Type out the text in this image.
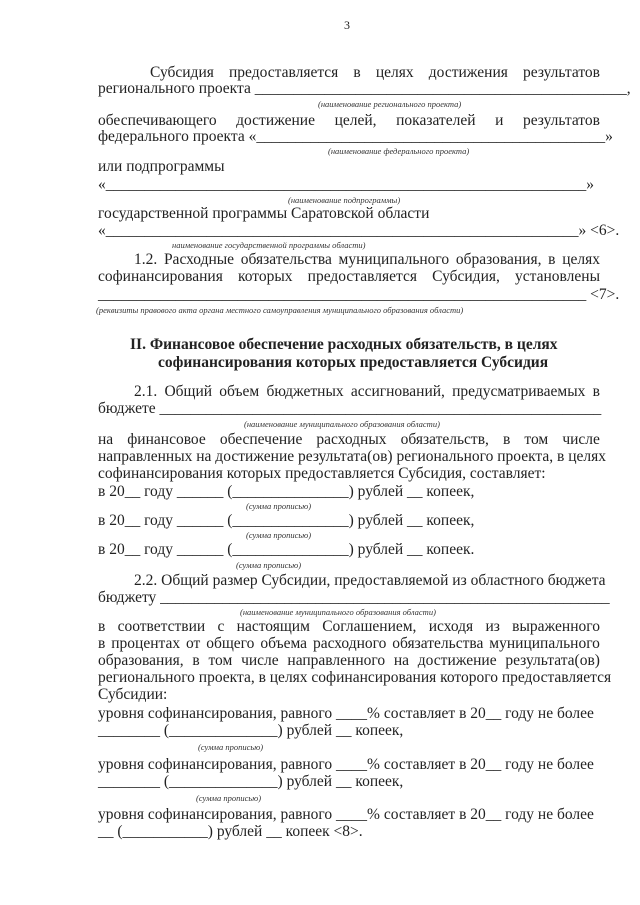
3
Субсидия предоставляется в целях достижения результатов
регионального проекта ________________________________________________,
(наименование регионального проекта)
обеспечивающего достижение целей, показателей и результатов
федерального проекта «_____________________________________________»
(наименование федерального проекта)
или подпрограммы
«______________________________________________________________»
(наименование подпрограммы)
государственной программы Саратовской области
«_____________________________________________________________» <6>.
наименование государственной программы области)
1.2. Расходные обязательства муниципального образования, в целях
софинансирования которых предоставляется Субсидия, установлены
_______________________________________________________________ <7>.
(реквизиты правового акта органа местного самоуправления муниципального образования области)
II. Финансовое обеспечение расходных обязательств, в целях
софинансирования которых предоставляется Субсидия
2.1. Общий объем бюджетных ассигнований, предусматриваемых в
бюджете _________________________________________________________
(наименование муниципального образования области)
на финансовое обеспечение расходных обязательств, в том числе
направленных на достижение результата(ов) регионального проекта, в целях
софинансирования которых предоставляется Субсидия, составляет:
в 20__ году ______ (_______________) рублей __ копеек,
(сумма прописью)
в 20__ году ______ (_______________) рублей __ копеек,
(сумма прописью)
в 20__ году ______ (_______________) рублей __ копеек.
(сумма прописью)
2.2. Общий размер Субсидии, предоставляемой из областного бюджета
бюджету __________________________________________________________
(наименование муниципального образования области)
в соответствии с настоящим Соглашением, исходя из выраженного
в процентах от общего объема расходного обязательства муниципального
образования, в том числе направленного на достижение результата(ов)
регионального проекта, в целях софинансирования которого предоставляется
Субсидии:
уровня софинансирования, равного ____% составляет в 20__ году не более
________ (______________) рублей __ копеек,
(сумма прописью)
уровня софинансирования, равного ____% составляет в 20__ году не более
________ (______________) рублей __ копеек,
(сумма прописью)
уровня софинансирования, равного ____% составляет в 20__ году не более
__ (___________) рублей __ копеек <8>.
